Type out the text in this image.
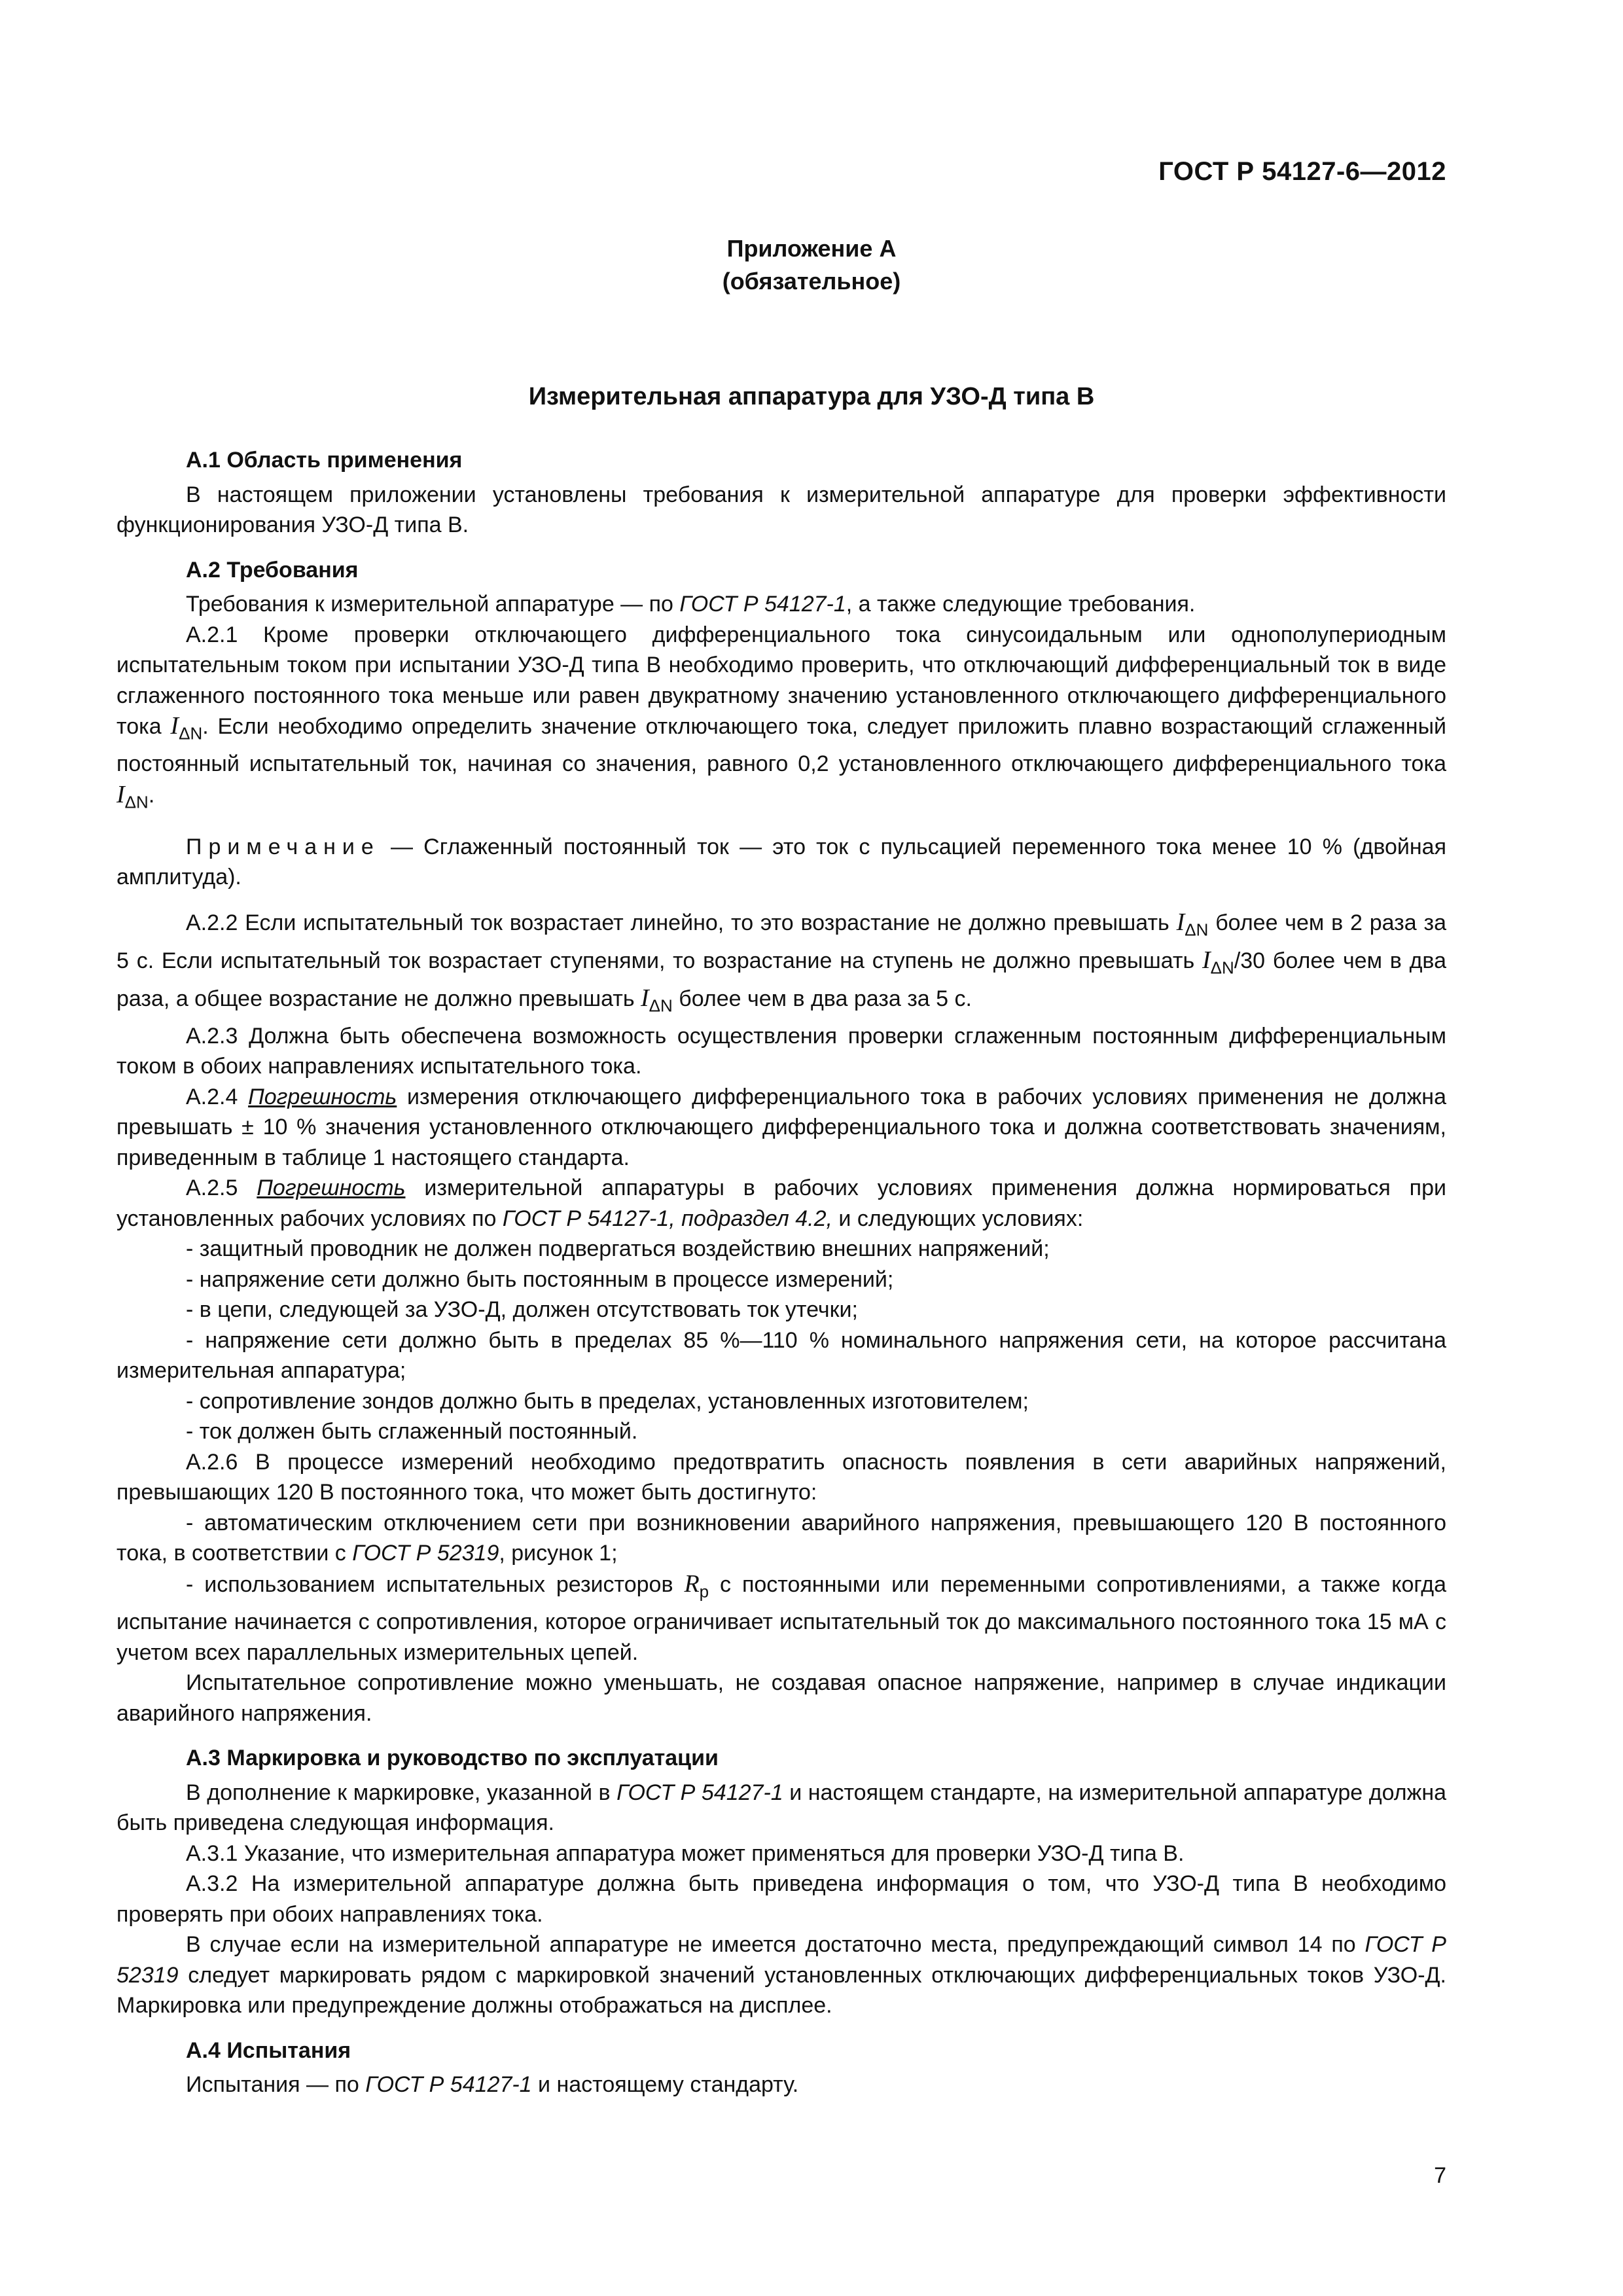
ГОСТ Р 54127-6—2012
Приложение А
(обязательное)
Измерительная аппаратура для УЗО-Д типа B

А.1 Область применения

В настоящем приложении установлены требования к измерительной аппаратуре для проверки эффективности функционирования УЗО-Д типа B.

А.2 Требования

Требования к измерительной аппаратуре — по ГОСТ Р 54127-1, а также следующие требования.

А.2.1 Кроме проверки отключающего дифференциального тока синусоидальным или однополупериодным испытательным током при испытании УЗО-Д типа B необходимо проверить, что отключающий дифференциальный ток в виде сглаженного постоянного тока меньше или равен двукратному значению установленного отключающего дифференциального тока $I_{\Delta N}$. Если необходимо определить значение отключающего тока, следует приложить плавно возрастающий сглаженный постоянный испытательный ток, начиная со значения, равного 0,2 установленного отключающего дифференциального тока $I_{\Delta N}$.

Примечание — Сглаженный постоянный ток — это ток с пульсацией переменного тока менее 10 % (двойная амплитуда).

А.2.2 Если испытательный ток возрастает линейно, то это возрастание не должно превышать $I_{\Delta N}$ более чем в 2 раза за 5 с. Если испытательный ток возрастает ступенями, то возрастание на ступень не должно превышать $I_{\Delta N}/30$ более чем в два раза, а общее возрастание не должно превышать $I_{\Delta N}$ более чем в два раза за 5 с.

А.2.3 Должна быть обеспечена возможность осуществления проверки сглаженным постоянным дифференциальным током в обоих направлениях испытательного тока.

А.2.4 Погрешность измерения отключающего дифференциального тока в рабочих условиях применения не должна превышать ± 10 % значения установленного отключающего дифференциального тока и должна соответствовать значениям, приведенным в таблице 1 настоящего стандарта.

А.2.5 Погрешность измерительной аппаратуры в рабочих условиях применения должна нормироваться при установленных рабочих условиях по ГОСТ Р 54127-1, подраздел 4.2, и следующих условиях:

- защитный проводник не должен подвергаться воздействию внешних напряжений;

- напряжение сети должно быть постоянным в процессе измерений;

- в цепи, следующей за УЗО-Д, должен отсутствовать ток утечки;

- напряжение сети должно быть в пределах 85 %—110 % номинального напряжения сети, на которое рассчитана измерительная аппаратура;

- сопротивление зондов должно быть в пределах, установленных изготовителем;

- ток должен быть сглаженный постоянный.

А.2.6 В процессе измерений необходимо предотвратить опасность появления в сети аварийных напряжений, превышающих 120 В постоянного тока, что может быть достигнуто:

- автоматическим отключением сети при возникновении аварийного напряжения, превышающего 120 В постоянного тока, в соответствии с ГОСТ Р 52319, рисунок 1;

- использованием испытательных резисторов $R_p$ с постоянными или переменными сопротивлениями, а также когда испытание начинается с сопротивления, которое ограничивает испытательный ток до максимального постоянного тока 15 мА с учетом всех параллельных измерительных цепей.

Испытательное сопротивление можно уменьшать, не создавая опасное напряжение, например в случае индикации аварийного напряжения.

А.3 Маркировка и руководство по эксплуатации

В дополнение к маркировке, указанной в ГОСТ Р 54127-1 и настоящем стандарте, на измерительной аппаратуре должна быть приведена следующая информация.

А.3.1 Указание, что измерительная аппаратура может применяться для проверки УЗО-Д типа B.

А.3.2 На измерительной аппаратуре должна быть приведена информация о том, что УЗО-Д типа B необходимо проверять при обоих направлениях тока.

В случае если на измерительной аппаратуре не имеется достаточно места, предупреждающий символ 14 по ГОСТ Р 52319 следует маркировать рядом с маркировкой значений установленных отключающих дифференциальных токов УЗО-Д. Маркировка или предупреждение должны отображаться на дисплее.

А.4 Испытания

Испытания — по ГОСТ Р 54127-1 и настоящему стандарту.

7
